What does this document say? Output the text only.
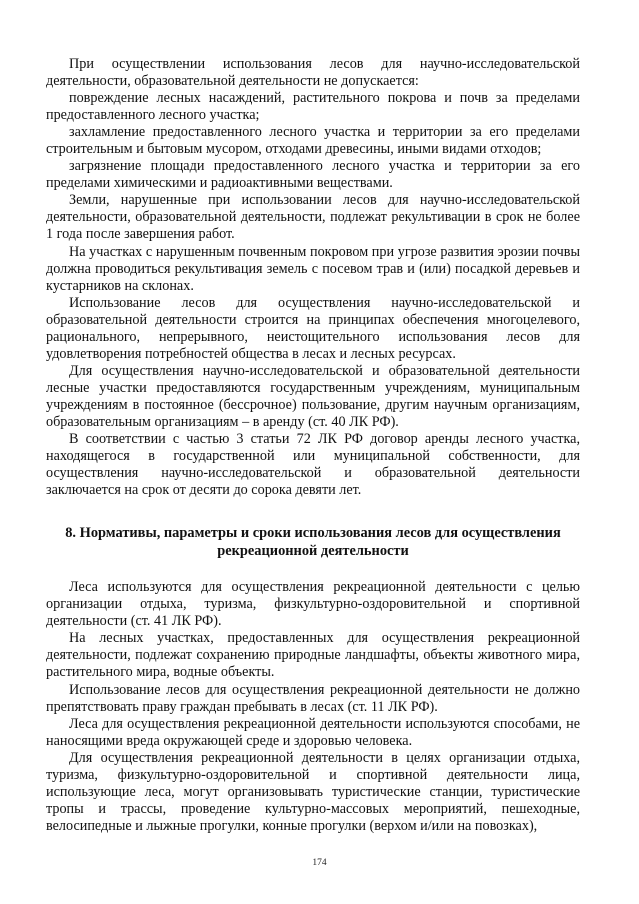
При осуществлении использования лесов для научно-исследовательской деятельности, образовательной деятельности не допускается:

повреждение лесных насаждений, растительного покрова и почв за пределами предоставленного лесного участка;

захламление предоставленного лесного участка и территории за его пределами строительным и бытовым мусором, отходами древесины, иными видами отходов;

загрязнение площади предоставленного лесного участка и территории за его пределами химическими и радиоактивными веществами.

Земли, нарушенные при использовании лесов для научно-исследовательской деятельности, образовательной деятельности, подлежат рекультивации в срок не более 1 года после завершения работ.

На участках с нарушенным почвенным покровом при угрозе развития эрозии почвы должна проводиться рекультивация земель с посевом трав и (или) посадкой деревьев и кустарников на склонах.

Использование лесов для осуществления научно-исследовательской и образовательной деятельности строится на принципах обеспечения многоцелевого, рационального, непрерывного, неистощительного использования лесов для удовлетворения потребностей общества в лесах и лесных ресурсах.

Для осуществления научно-исследовательской и образовательной деятельности лесные участки предоставляются государственным учреждениям, муниципальным учреждениям в постоянное (бессрочное) пользование, другим научным организациям, образовательным организациям – в аренду (ст. 40 ЛК РФ).

В соответствии с частью 3 статьи 72 ЛК РФ договор аренды лесного участка, находящегося в государственной или муниципальной собственности, для осуществления научно-исследовательской и образовательной деятельности заключается на срок от десяти до сорока девяти лет.

8. Нормативы, параметры и сроки использования лесов для осуществления рекреационной деятельности

Леса используются для осуществления рекреационной деятельности с целью организации отдыха, туризма, физкультурно-оздоровительной и спортивной деятельности (ст. 41 ЛК РФ).

На лесных участках, предоставленных для осуществления рекреационной деятельности, подлежат сохранению природные ландшафты, объекты животного мира, растительного мира, водные объекты.

Использование лесов для осуществления рекреационной деятельности не должно препятствовать праву граждан пребывать в лесах (ст. 11 ЛК РФ).

Леса для осуществления рекреационной деятельности используются способами, не наносящими вреда окружающей среде и здоровью человека.

Для осуществления рекреационной деятельности в целях организации отдыха, туризма, физкультурно-оздоровительной и спортивной деятельности лица, использующие леса, могут организовывать туристические станции, туристические тропы и трассы, проведение культурно-массовых мероприятий, пешеходные, велосипедные и лыжные прогулки, конные прогулки (верхом и/или на повозках),

174
